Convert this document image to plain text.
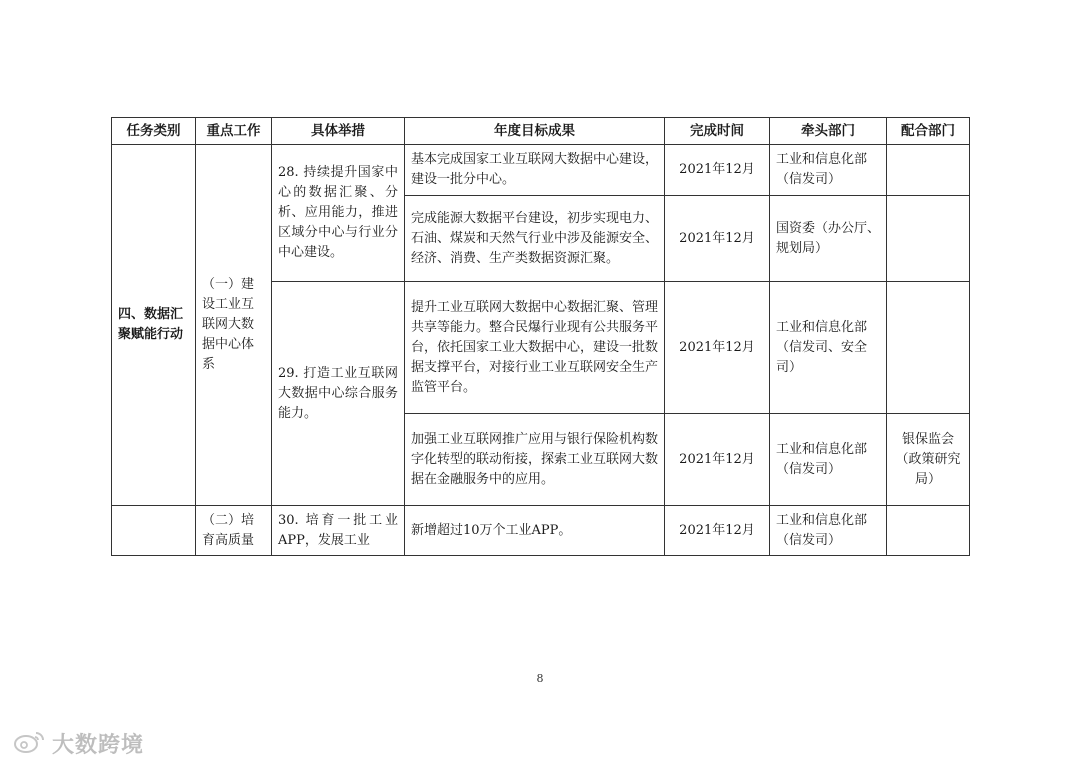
任务类别	重点工作	具体举措	年度目标成果	完成时间	牵头部门	配合部门
四、数据汇聚赋能行动	（一）建设工业互联网大数据中心体系	28. 持续提升国家中心的数据汇聚、分析、应用能力，推进区域分中心与行业分中心建设。	基本完成国家工业互联网大数据中心建设，建设一批分中心。	2021年12月	工业和信息化部（信发司）	
			完成能源大数据平台建设，初步实现电力、石油、煤炭和天然气行业中涉及能源安全、经济、消费、生产类数据资源汇聚。	2021年12月	国资委（办公厅、规划局）	
		29. 打造工业互联网大数据中心综合服务能力。	提升工业互联网大数据中心数据汇聚、管理共享等能力。整合民爆行业现有公共服务平台，依托国家工业大数据中心，建设一批数据支撑平台，对接行业工业互联网安全生产监管平台。	2021年12月	工业和信息化部（信发司、安全司）	
			加强工业互联网推广应用与银行保险机构数字化转型的联动衔接，探索工业互联网大数据在金融服务中的应用。	2021年12月	工业和信息化部（信发司）	银保监会（政策研究局）
	（二）培育高质量	30. 培育一批工业APP，发展工业	新增超过10万个工业APP。	2021年12月	工业和信息化部（信发司）	
8
大数跨境
